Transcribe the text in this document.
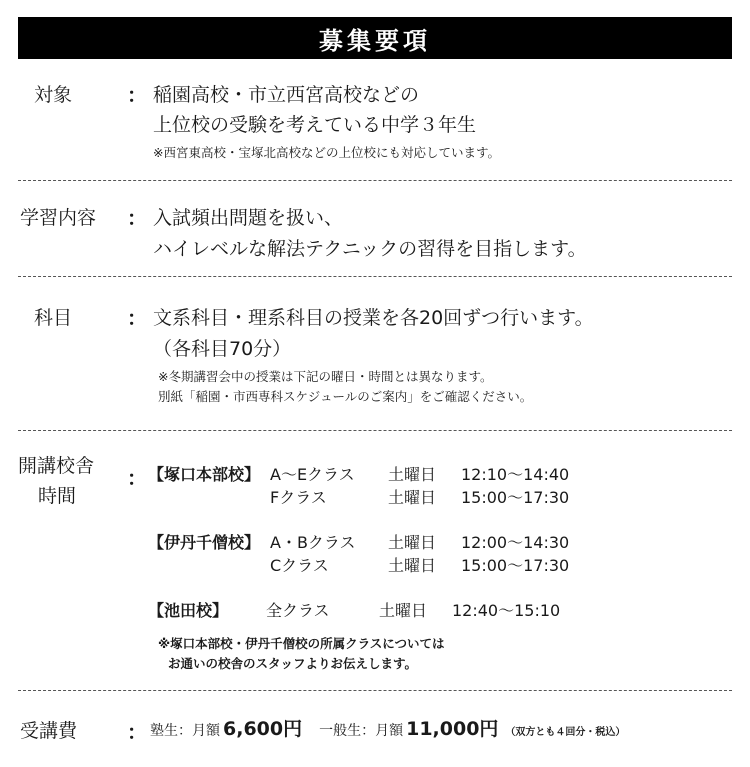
募集要項
対象	： 稲園高校・市立西宮高校などの
上位校の受験を考えている中学３年生
※西宮東高校・宝塚北高校などの上位校にも対応しています。
学習内容 ： 入試頻出問題を扱い、
ハイレベルな解法テクニックの習得を目指します。
科目	： 文系科目・理系科目の授業を各20回ずつ行います。
（各科目70分）
※冬期講習会中の授業は下記の曜日・時間とは異なります。
別紙「稲園・市西専科スケジュールのご案内」をご確認ください。
開講校舎
時間
： 【塚口本部校】 A～Eクラス 土曜日 12:10～14:40
Fクラス	土曜日 15:00～17:30
【伊丹千僧校】 A・Bクラス 土曜日 12:00～14:30
Cクラス	土曜日 15:00～17:30
【池田校】 全クラス	土曜日 12:40～15:10
※塚口本部校・伊丹千僧校の所属クラスについては
お通いの校舎のスタッフよりお伝えします。
受講費 ： 塾生：月額 6,600円 一般生：月額 11,000円 （双方とも４回分・税込）
